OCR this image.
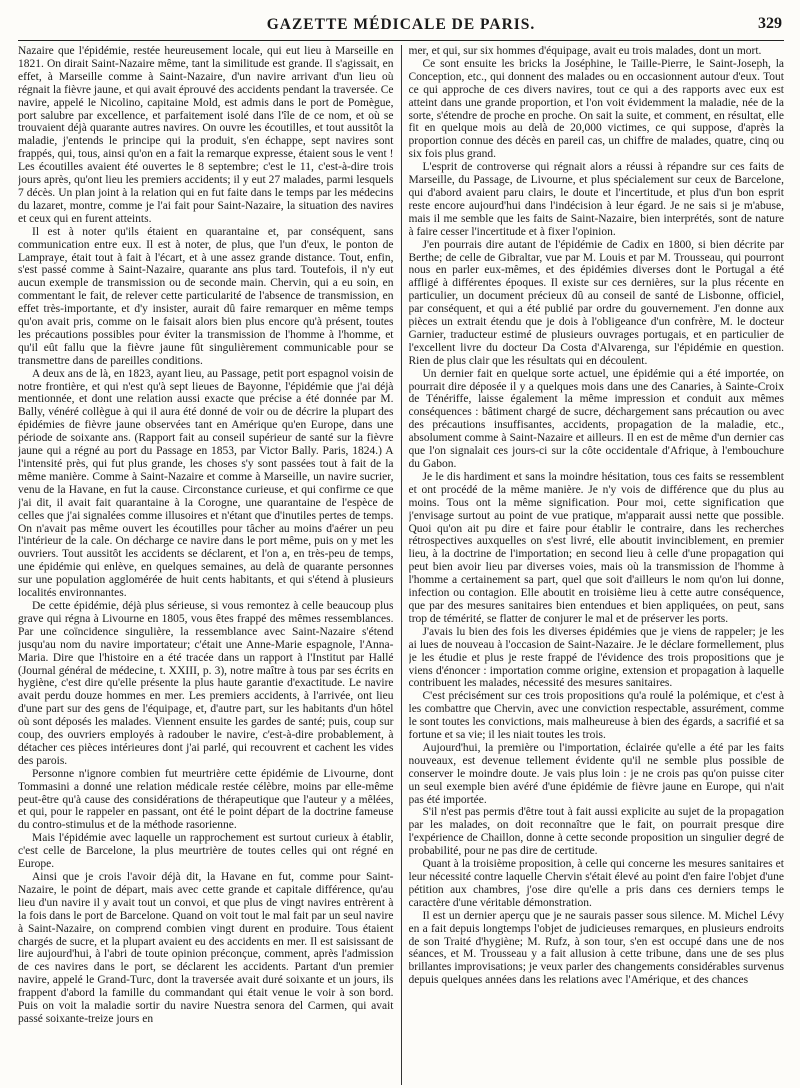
GAZETTE MÉDICALE DE PARIS.	329

Nazaire que l'épidémie, restée heureusement locale, qui eut lieu à Marseille en 1821. On dirait Saint-Nazaire même, tant la similitude est grande. Il s'agissait, en effet, à Marseille comme à Saint-Nazaire, d'un navire arrivant d'un lieu où régnait la fièvre jaune, et qui avait éprouvé des accidents pendant la traversée. Ce navire, appelé le Nicolino, capitaine Mold, est admis dans le port de Pomègue, port salubre par excellence, et parfaitement isolé dans l'île de ce nom, et où se trouvaient déjà quarante autres navires. On ouvre les écoutilles, et tout aussitôt la maladie, j'entends le principe qui la produit, s'en échappe, sept navires sont frappés, qui, tous, ainsi qu'on en a fait la remarque expresse, étaient sous le vent ! Les écoutilles avaient été ouvertes le 8 septembre; c'est le 11, c'est-à-dire trois jours après, qu'ont lieu les premiers accidents; il y eut 27 malades, parmi lesquels 7 décès. Un plan joint à la relation qui en fut faite dans le temps par les médecins du lazaret, montre, comme je l'ai fait pour Saint-Nazaire, la situation des navires et ceux qui en furent atteints.

Il est à noter qu'ils étaient en quarantaine et, par conséquent, sans communication entre eux. Il est à noter, de plus, que l'un d'eux, le ponton de Lampraye, était tout à fait à l'écart, et à une assez grande distance. Tout, enfin, s'est passé comme à Saint-Nazaire, quarante ans plus tard. Toutefois, il n'y eut aucun exemple de transmission ou de seconde main. Chervin, qui a eu soin, en commentant le fait, de relever cette particularité de l'absence de transmission, en effet très-importante, et d'y insister, aurait dû faire remarquer en même temps qu'on avait pris, comme on le faisait alors bien plus encore qu'à présent, toutes les précautions possibles pour éviter la transmission de l'homme à l'homme, et qu'il eût fallu que la fièvre jaune fût singulièrement communicable pour se transmettre dans de pareilles conditions.

A deux ans de là, en 1823, ayant lieu, au Passage, petit port espagnol voisin de notre frontière, et qui n'est qu'à sept lieues de Bayonne, l'épidémie que j'ai déjà mentionnée, et dont une relation aussi exacte que précise a été donnée par M. Bally, vénéré collègue à qui il aura été donné de voir ou de décrire la plupart des épidémies de fièvre jaune observées tant en Amérique qu'en Europe, dans une période de soixante ans. (Rapport fait au conseil supérieur de santé sur la fièvre jaune qui a régné au port du Passage en 1853, par Victor Bally. Paris, 1824.) A l'intensité près, qui fut plus grande, les choses s'y sont passées tout à fait de la même manière. Comme à Saint-Nazaire et comme à Marseille, un navire sucrier, venu de la Havane, en fut la cause. Circonstance curieuse, et qui confirme ce que j'ai dit, il avait fait quarantaine à la Corogne, une quarantaine de l'espèce de celles que j'ai signalées comme illusoires et n'étant que d'inutiles pertes de temps. On n'avait pas même ouvert les écoutilles pour tâcher au moins d'aérer un peu l'intérieur de la cale. On décharge ce navire dans le port même, puis on y met les ouvriers. Tout aussitôt les accidents se déclarent, et l'on a, en très-peu de temps, une épidémie qui enlève, en quelques semaines, au delà de quarante personnes sur une population agglomérée de huit cents habitants, et qui s'étend à plusieurs localités environnantes.

De cette épidémie, déjà plus sérieuse, si vous remontez à celle beaucoup plus grave qui régna à Livourne en 1805, vous êtes frappé des mêmes ressemblances. Par une coïncidence singulière, la ressemblance avec Saint-Nazaire s'étend jusqu'au nom du navire importateur; c'était une Anne-Marie espagnole, l'Anna-Maria. Dire que l'histoire en a été tracée dans un rapport à l'Institut par Hallé (Journal général de médecine, t. XXIII, p. 3), notre maître à tous par ses écrits en hygiène, c'est dire qu'elle présente la plus haute garantie d'exactitude. Le navire avait perdu douze hommes en mer. Les premiers accidents, à l'arrivée, ont lieu d'une part sur des gens de l'équipage, et, d'autre part, sur les habitants d'un hôtel où sont déposés les malades. Viennent ensuite les gardes de santé; puis, coup sur coup, des ouvriers employés à radouber le navire, c'est-à-dire probablement, à détacher ces pièces intérieures dont j'ai parlé, qui recouvrent et cachent les vides des parois.

Personne n'ignore combien fut meurtrière cette épidémie de Livourne, dont Tommasini a donné une relation médicale restée célèbre, moins par elle-même peut-être qu'à cause des considérations de thérapeutique que l'auteur y a mêlées, et qui, pour le rappeler en passant, ont été le point départ de la doctrine fameuse du contro-stimulus et de la méthode rasorienne.

Mais l'épidémie avec laquelle un rapprochement est surtout curieux à établir, c'est celle de Barcelone, la plus meurtrière de toutes celles qui ont régné en Europe.

Ainsi que je crois l'avoir déjà dit, la Havane en fut, comme pour Saint-Nazaire, le point de départ, mais avec cette grande et capitale différence, qu'au lieu d'un navire il y avait tout un convoi, et que plus de vingt navires entrèrent à la fois dans le port de Barcelone. Quand on voit tout le mal fait par un seul navire à Saint-Nazaire, on comprend combien vingt durent en produire. Tous étaient chargés de sucre, et la plupart avaient eu des accidents en mer. Il est saisissant de lire aujourd'hui, à l'abri de toute opinion préconçue, comment, après l'admission de ces navires dans le port, se déclarent les accidents. Partant d'un premier navire, appelé le Grand-Turc, dont la traversée avait duré soixante et un jours, ils frappent d'abord la famille du commandant qui était venue le voir à son bord. Puis on voit la maladie sortir du navire Nuestra senora del Carmen, qui avait passé soixante-treize jours en

mer, et qui, sur six hommes d'équipage, avait eu trois malades, dont un mort.

Ce sont ensuite les bricks la Joséphine, le Taille-Pierre, le Saint-Joseph, la Conception, etc., qui donnent des malades ou en occasionnent autour d'eux. Tout ce qui approche de ces divers navires, tout ce qui a des rapports avec eux est atteint dans une grande proportion, et l'on voit évidemment la maladie, née de la sorte, s'étendre de proche en proche. On sait la suite, et comment, en résultat, elle fit en quelque mois au delà de 20,000 victimes, ce qui suppose, d'après la proportion connue des décès en pareil cas, un chiffre de malades, quatre, cinq ou six fois plus grand.

L'esprit de controverse qui régnait alors a réussi à répandre sur ces faits de Marseille, du Passage, de Livourne, et plus spécialement sur ceux de Barcelone, qui d'abord avaient paru clairs, le doute et l'incertitude, et plus d'un bon esprit reste encore aujourd'hui dans l'indécision à leur égard. Je ne sais si je m'abuse, mais il me semble que les faits de Saint-Nazaire, bien interprétés, sont de nature à faire cesser l'incertitude et à fixer l'opinion.

J'en pourrais dire autant de l'épidémie de Cadix en 1800, si bien décrite par Berthe; de celle de Gibraltar, vue par M. Louis et par M. Trousseau, qui pourront nous en parler eux-mêmes, et des épidémies diverses dont le Portugal a été affligé à différentes époques. Il existe sur ces dernières, sur la plus récente en particulier, un document précieux dû au conseil de santé de Lisbonne, officiel, par conséquent, et qui a été publié par ordre du gouvernement. J'en donne aux pièces un extrait étendu que je dois à l'obligeance d'un confrère, M. le docteur Garnier, traducteur estimé de plusieurs ouvrages portugais, et en particulier de l'excellent livre du docteur Da Costa d'Alvarenga, sur l'épidémie en question. Rien de plus clair que les résultats qui en découlent.

Un dernier fait en quelque sorte actuel, une épidémie qui a été importée, on pourrait dire déposée il y a quelques mois dans une des Canaries, à Sainte-Croix de Ténériffe, laisse également la même impression et conduit aux mêmes conséquences : bâtiment chargé de sucre, déchargement sans précaution ou avec des précautions insuffisantes, accidents, propagation de la maladie, etc., absolument comme à Saint-Nazaire et ailleurs. Il en est de même d'un dernier cas que l'on signalait ces jours-ci sur la côte occidentale d'Afrique, à l'embouchure du Gabon.

Je le dis hardiment et sans la moindre hésitation, tous ces faits se ressemblent et ont procédé de la même manière. Je n'y vois de différence que du plus au moins. Tous ont la même signification. Pour moi, cette signification que j'envisage surtout au point de vue pratique, m'apparait aussi nette que possible. Quoi qu'on ait pu dire et faire pour établir le contraire, dans les recherches rétrospectives auxquelles on s'est livré, elle aboutit invinciblement, en premier lieu, à la doctrine de l'importation; en second lieu à celle d'une propagation qui peut bien avoir lieu par diverses voies, mais où la transmission de l'homme à l'homme a certainement sa part, quel que soit d'ailleurs le nom qu'on lui donne, infection ou contagion. Elle aboutit en troisième lieu à cette autre conséquence, que par des mesures sanitaires bien entendues et bien appliquées, on peut, sans trop de témérité, se flatter de conjurer le mal et de préserver les ports.

J'avais lu bien des fois les diverses épidémies que je viens de rappeler; je les ai lues de nouveau à l'occasion de Saint-Nazaire. Je le déclare formellement, plus je les étudie et plus je reste frappé de l'évidence des trois propositions que je viens d'énoncer : importation comme origine, extension et propagation à laquelle contribuent les malades, nécessité des mesures sanitaires.

C'est précisément sur ces trois propositions qu'a roulé la polémique, et c'est à les combattre que Chervin, avec une conviction respectable, assurément, comme le sont toutes les convictions, mais malheureuse à bien des égards, a sacrifié et sa fortune et sa vie; il les niait toutes les trois.

Aujourd'hui, la première ou l'importation, éclairée qu'elle a été par les faits nouveaux, est devenue tellement évidente qu'il ne semble plus possible de conserver le moindre doute. Je vais plus loin : je ne crois pas qu'on puisse citer un seul exemple bien avéré d'une épidémie de fièvre jaune en Europe, qui n'ait pas été importée.

S'il n'est pas permis d'être tout à fait aussi explicite au sujet de la propagation par les malades, on doit reconnaître que le fait, on pourrait presque dire l'expérience de Chaillon, donne à cette seconde proposition un singulier degré de probabilité, pour ne pas dire de certitude.

Quant à la troisième proposition, à celle qui concerne les mesures sanitaires et leur nécessité contre laquelle Chervin s'était élevé au point d'en faire l'objet d'une pétition aux chambres, j'ose dire qu'elle a pris dans ces derniers temps le caractère d'une véritable démonstration.

Il est un dernier aperçu que je ne saurais passer sous silence. M. Michel Lévy en a fait depuis longtemps l'objet de judicieuses remarques, en plusieurs endroits de son Traité d'hygiène; M. Rufz, à son tour, s'en est occupé dans une de nos séances, et M. Trousseau y a fait allusion à cette tribune, dans une de ses plus brillantes improvisations; je veux parler des changements considérables survenus depuis quelques années dans les relations avec l'Amérique, et des chances
